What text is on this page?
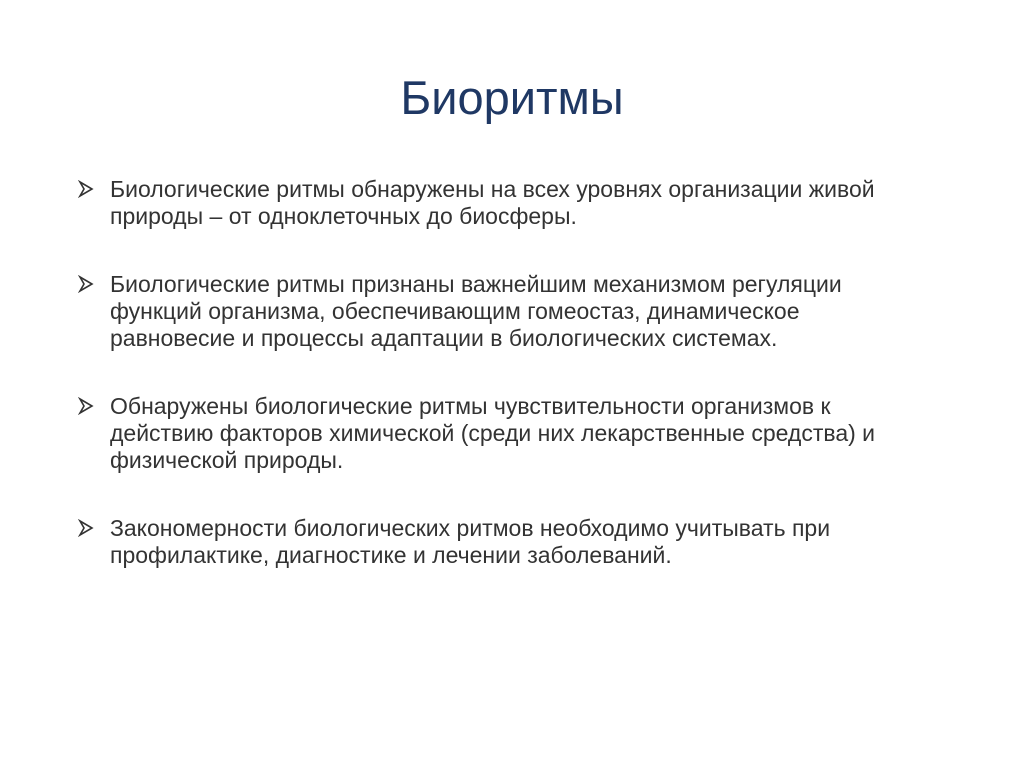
Биоритмы
Биологические ритмы обнаружены на всех уровнях организации живой природы – от одноклеточных до биосферы.
Биологические ритмы признаны важнейшим механизмом регуляции функций организма, обеспечивающим гомеостаз, динамическое равновесие и процессы адаптации в биологических системах.
Обнаружены биологические ритмы чувствительности организмов к действию факторов химической (среди них лекарственные средства) и физической природы.
Закономерности биологических ритмов необходимо учитывать при профилактике, диагностике и лечении заболеваний.
